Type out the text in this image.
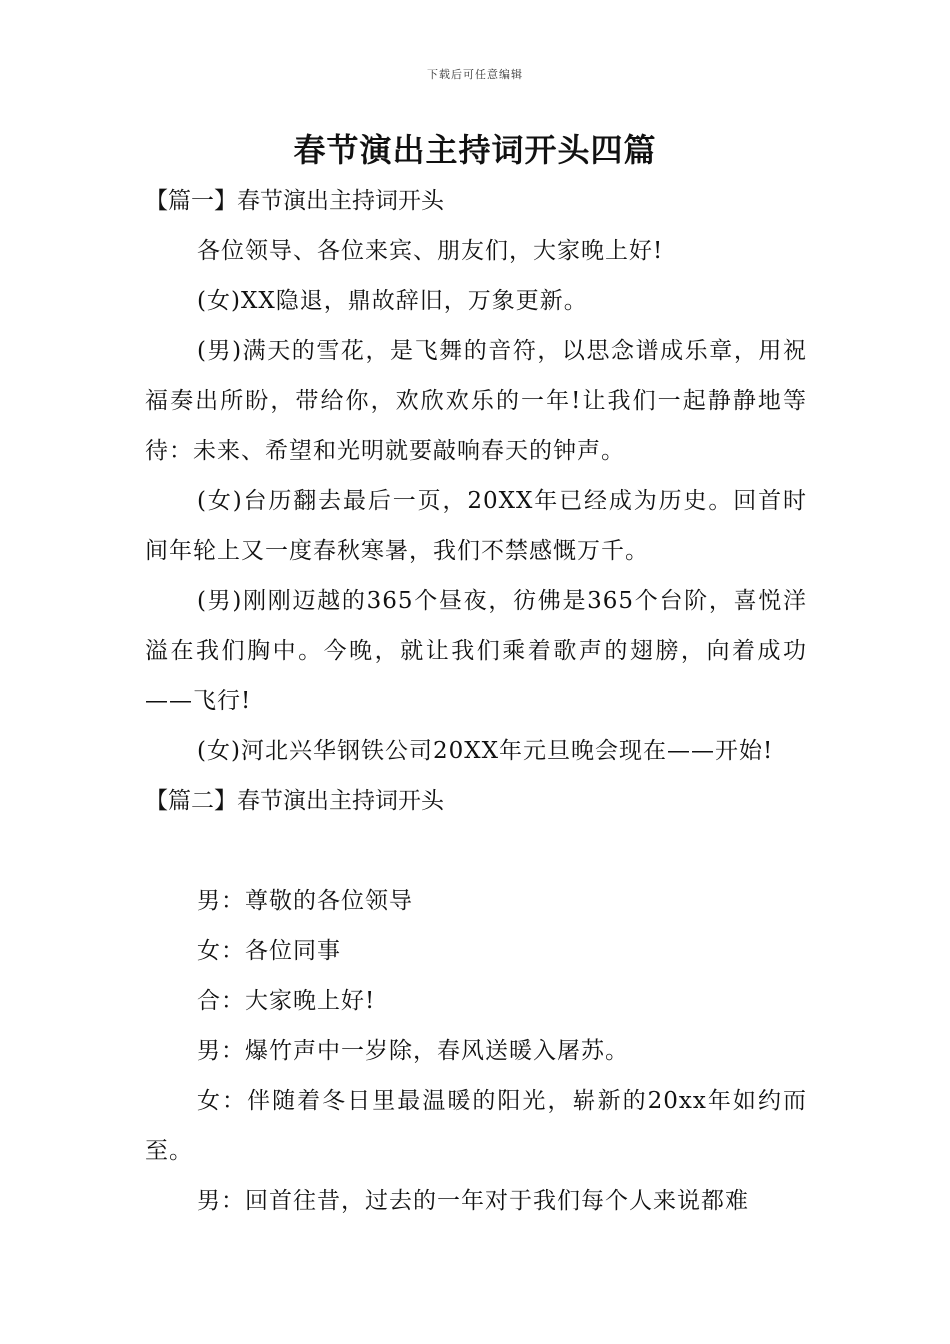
下载后可任意编辑
春节演出主持词开头四篇

【篇一】春节演出主持词开头

各位领导、各位来宾、朋友们，大家晚上好!

(女)XX隐退，鼎故辞旧，万象更新。

(男)满天的雪花，是飞舞的音符，以思念谱成乐章，用祝福奏出所盼，带给你，欢欣欢乐的一年!让我们一起静静地等待：未来、希望和光明就要敲响春天的钟声。

(女)台历翻去最后一页，20XX年已经成为历史。回首时间年轮上又一度春秋寒暑，我们不禁感慨万千。

(男)刚刚迈越的365个昼夜，彷佛是365个台阶，喜悦洋溢在我们胸中。今晚，就让我们乘着歌声的翅膀，向着成功——飞行!

(女)河北兴华钢铁公司20XX年元旦晚会现在——开始!

【篇二】春节演出主持词开头

男：尊敬的各位领导

女：各位同事

合：大家晚上好!

男：爆竹声中一岁除，春风送暖入屠苏。

女：伴随着冬日里最温暖的阳光，崭新的20xx年如约而至。

男：回首往昔，过去的一年对于我们每个人来说都难
